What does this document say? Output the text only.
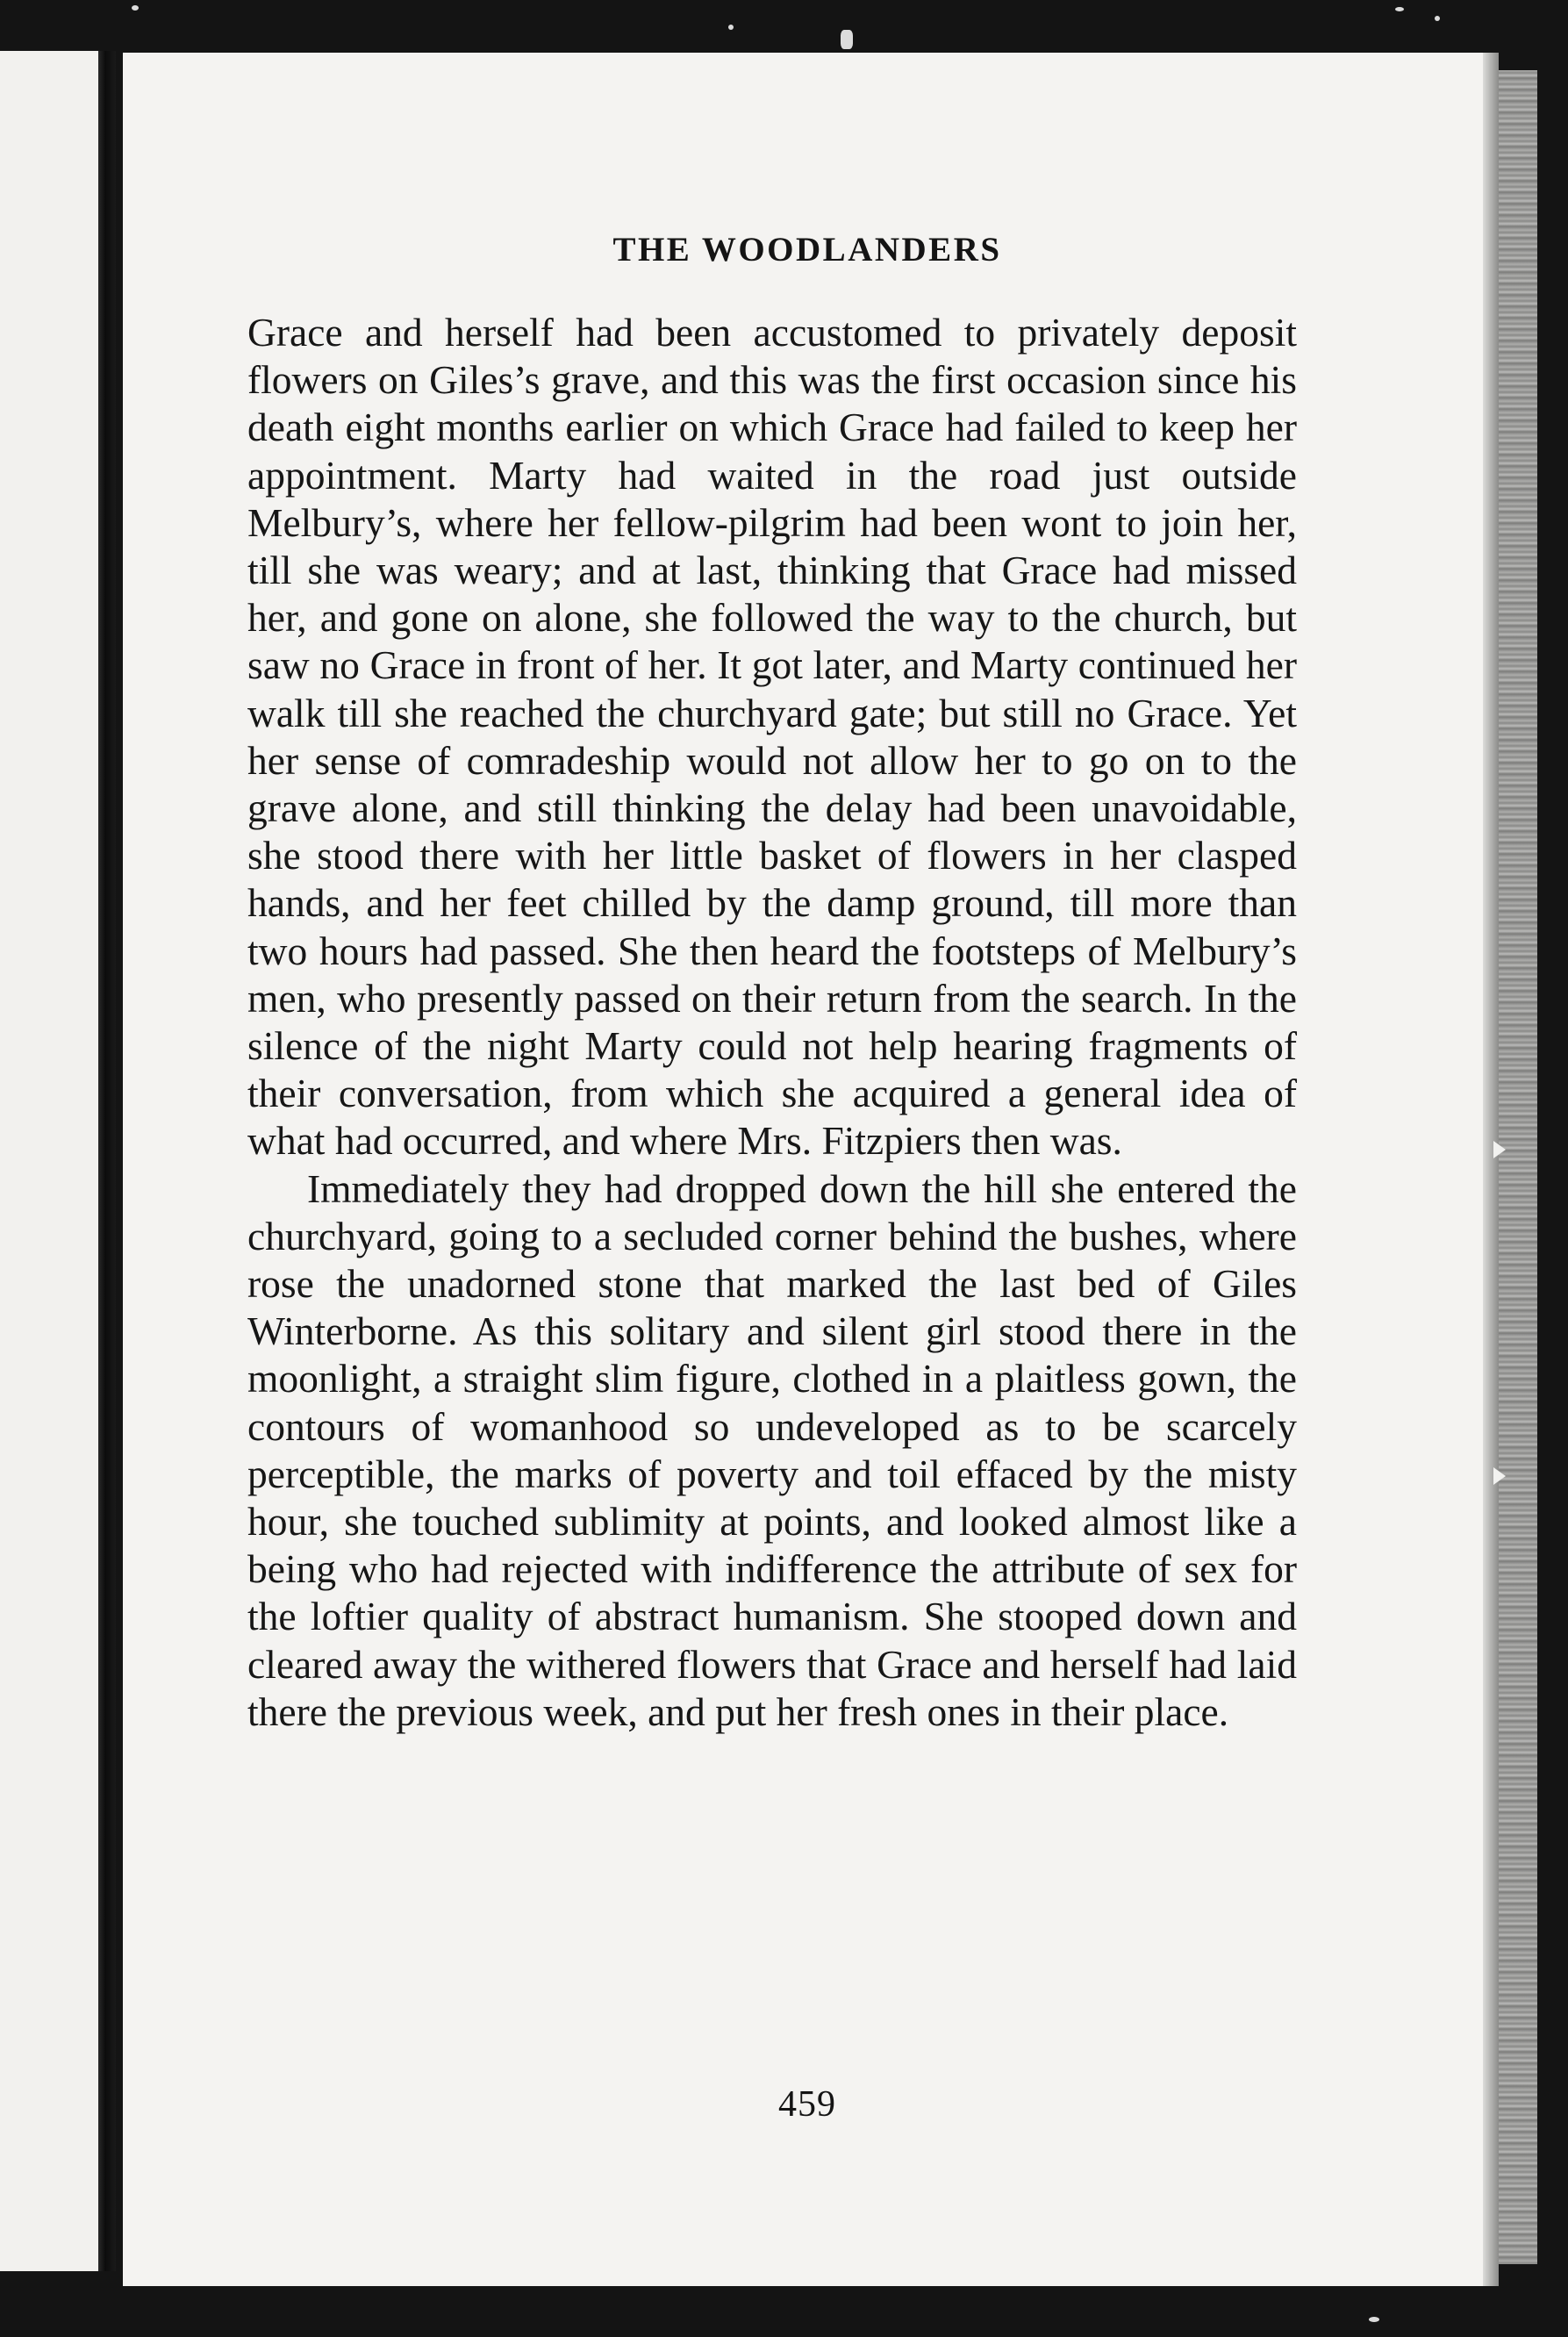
THE WOODLANDERS

Grace and herself had been accustomed to privately deposit flowers on Giles’s grave, and this was the first occasion since his death eight months earlier on which Grace had failed to keep her appointment. Marty had waited in the road just outside Melbury’s, where her fellow-pilgrim had been wont to join her, till she was weary; and at last, thinking that Grace had missed her, and gone on alone, she followed the way to the church, but saw no Grace in front of her. It got later, and Marty continued her walk till she reached the churchyard gate; but still no Grace. Yet her sense of comradeship would not allow her to go on to the grave alone, and still thinking the delay had been unavoidable, she stood there with her little basket of flowers in her clasped hands, and her feet chilled by the damp ground, till more than two hours had passed. She then heard the footsteps of Melbury’s men, who presently passed on their return from the search. In the silence of the night Marty could not help hearing fragments of their conversation, from which she acquired a general idea of what had occurred, and where Mrs. Fitzpiers then was.

Immediately they had dropped down the hill she entered the churchyard, going to a secluded corner behind the bushes, where rose the unadorned stone that marked the last bed of Giles Winterborne. As this solitary and silent girl stood there in the moonlight, a straight slim figure, clothed in a plaitless gown, the contours of womanhood so undeveloped as to be scarcely perceptible, the marks of poverty and toil effaced by the misty hour, she touched sublimity at points, and looked almost like a being who had rejected with indifference the attribute of sex for the loftier quality of abstract humanism. She stooped down and cleared away the withered flowers that Grace and herself had laid there the previous week, and put her fresh ones in their place.

459
